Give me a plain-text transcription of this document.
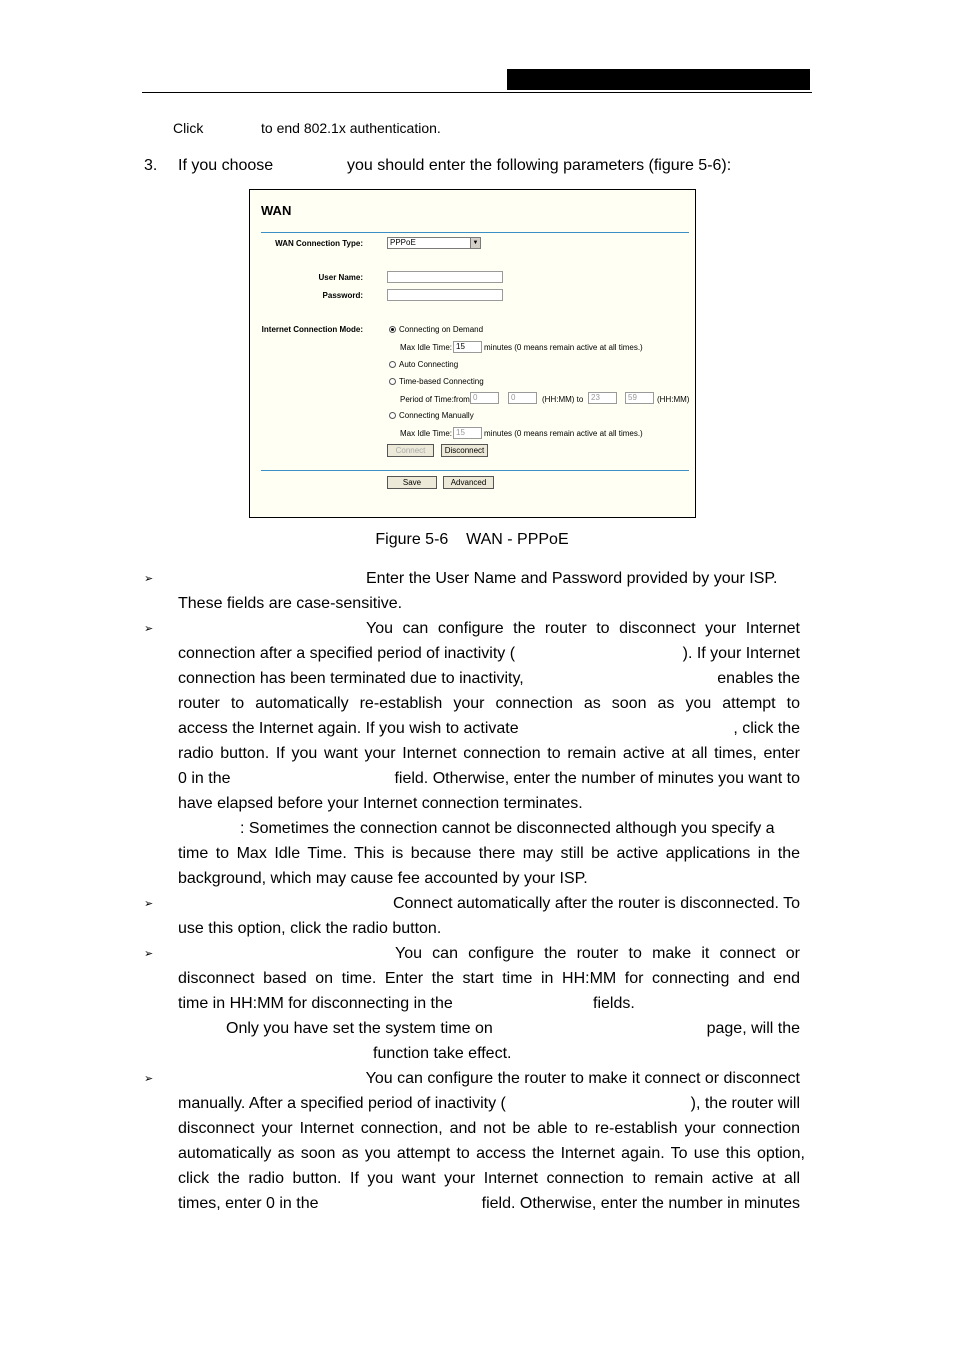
Click	to end 802.1x authentication.
3. If you choose	you should enter the following parameters (figure 5-6):
WAN
WAN Connection Type:	PPPoE	▼
User Name:
Password:
Internet Connection Mode:	Connecting on Demand
Max Idle Time: 15	minutes (0 means remain active at all times.)
Auto Connecting
Time-based Connecting
Period of Time:from 0	0	(HH:MM) to 23	59	(HH:MM)
Connecting Manually
Max Idle Time: 15	minutes (0 means remain active at all times.)
Connect	Disconnect
Save	Advanced
Figure 5-6    WAN - PPPoE
➢	Enter the User Name and Password provided by your ISP.
These fields are case-sensitive.
➢	You can configure the router to disconnect your Internet
connection after a specified period of inactivity (	). If your Internet
connection has been terminated due to inactivity,	enables the
router to automatically re-establish your connection as soon as you attempt to
access the Internet again. If you wish to activate	, click the
radio button. If you want your Internet connection to remain active at all times, enter
0 in the	field. Otherwise, enter the number of minutes you want to
have elapsed before your Internet connection terminates.
: Sometimes the connection cannot be disconnected although you specify a
time to Max Idle Time. This is because there may still be active applications in the
background, which may cause fee accounted by your ISP.
➢	Connect automatically after the router is disconnected. To
use this option, click the radio button.
➢	You can configure the router to make it connect or
disconnect based on time. Enter the start time in HH:MM for connecting and end
time in HH:MM for disconnecting in the	fields.
Only you have set the system time on	page, will the
function take effect.
➢	You can configure the router to make it connect or disconnect
manually. After a specified period of inactivity (	), the router will
disconnect your Internet connection, and not be able to re-establish your connection
automatically as soon as you attempt to access the Internet again. To use this option,
click the radio button. If you want your Internet connection to remain active at all
times, enter 0 in the	field. Otherwise, enter the number in minutes
